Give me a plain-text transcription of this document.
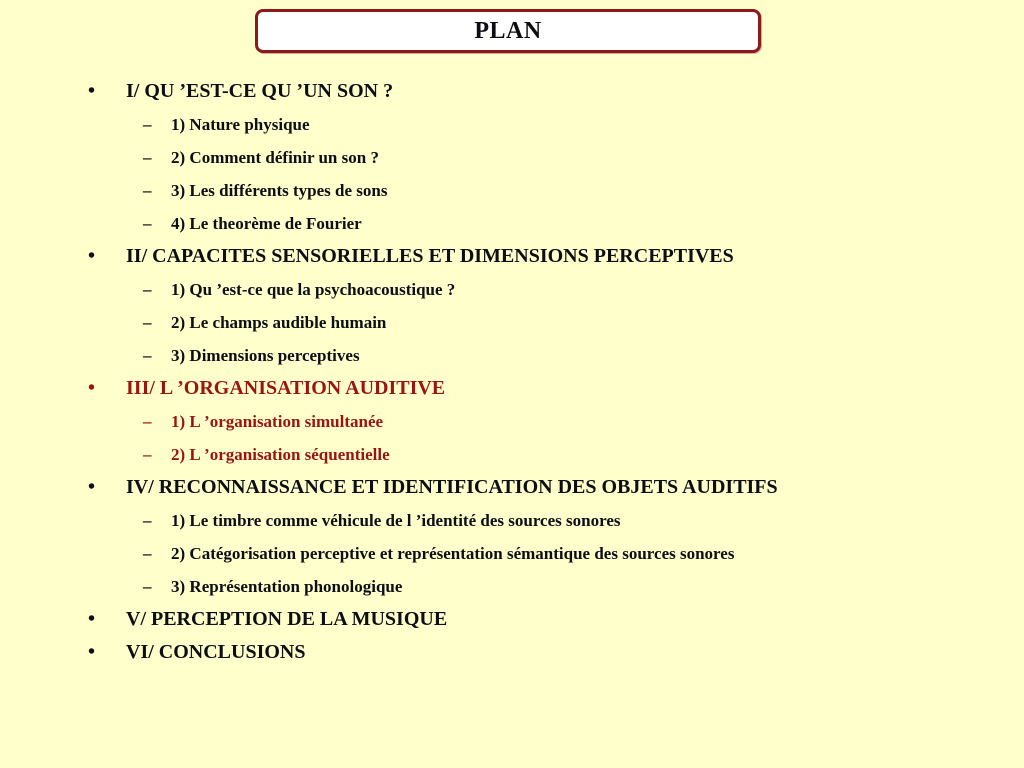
PLAN
• I/ QU ’EST-CE QU ’UN SON ?
– 1) Nature physique
– 2) Comment définir un son ?
– 3) Les différents types de sons
– 4) Le theorème de Fourier
• II/ CAPACITES SENSORIELLES ET DIMENSIONS PERCEPTIVES
– 1) Qu ’est-ce que la psychoacoustique ?
– 2) Le champs audible humain
– 3) Dimensions perceptives
• III/ L ’ORGANISATION AUDITIVE
– 1) L ’organisation simultanée
– 2) L ’organisation séquentielle
• IV/ RECONNAISSANCE ET IDENTIFICATION DES OBJETS AUDITIFS
– 1) Le timbre comme véhicule de l ’identité des sources sonores
– 2) Catégorisation perceptive et représentation sémantique des sources sonores
– 3) Représentation phonologique
• V/ PERCEPTION DE LA MUSIQUE
• VI/ CONCLUSIONS
